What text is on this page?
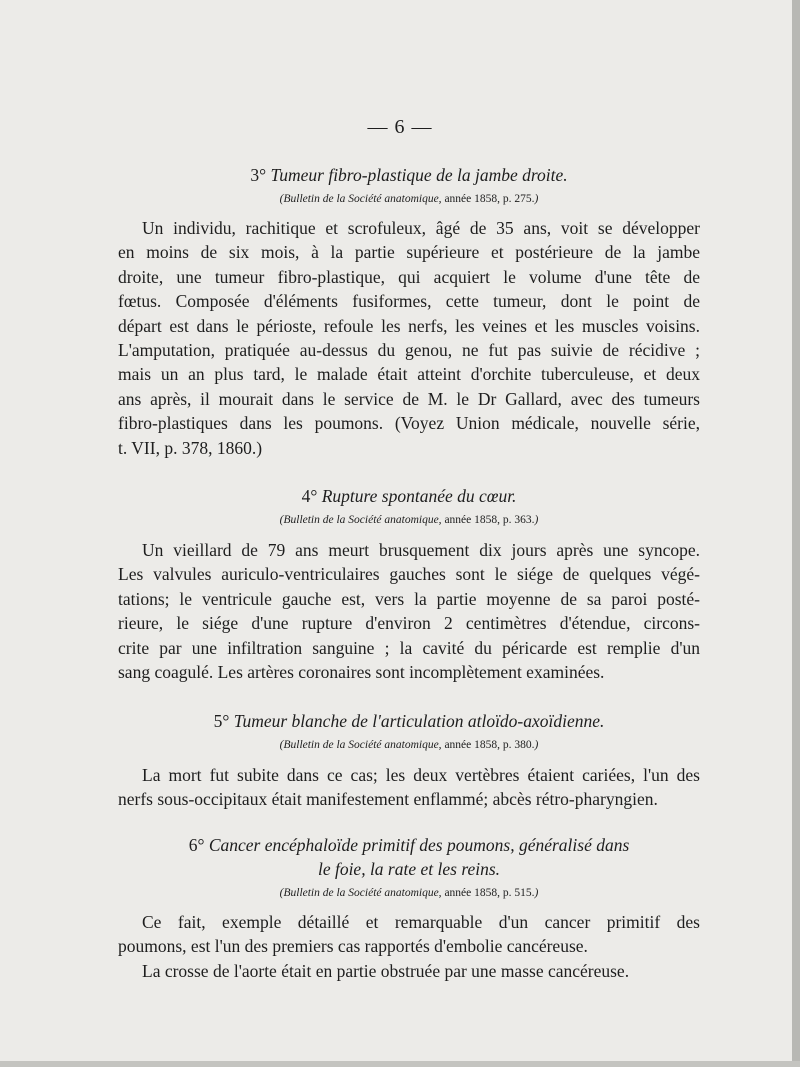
— 6 —

3° Tumeur fibro-plastique de la jambe droite.

(Bulletin de la Société anatomique, année 1858, p. 275.)

Un individu, rachitique et scrofuleux, âgé de 35 ans, voit se développer
en moins de six mois, à la partie supérieure et postérieure de la jambe
droite, une tumeur fibro-plastique, qui acquiert le volume d'une tête de
fœtus. Composée d'éléments fusiformes, cette tumeur, dont le point de
départ est dans le périoste, refoule les nerfs, les veines et les muscles voisins.
L'amputation, pratiquée au-dessus du genou, ne fut pas suivie de récidive ;
mais un an plus tard, le malade était atteint d'orchite tuberculeuse, et deux
ans après, il mourait dans le service de M. le Dr Gallard, avec des tumeurs
fibro-plastiques dans les poumons. (Voyez Union médicale, nouvelle série,
t. VII, p. 378, 1860.)

4° Rupture spontanée du cœur.

(Bulletin de la Société anatomique, année 1858, p. 363.)

Un vieillard de 79 ans meurt brusquement dix jours après une syncope.
Les valvules auriculo-ventriculaires gauches sont le siége de quelques végé-
tations; le ventricule gauche est, vers la partie moyenne de sa paroi posté-
rieure, le siége d'une rupture d'environ 2 centimètres d'étendue, circons-
crite par une infiltration sanguine ; la cavité du péricarde est remplie d'un
sang coagulé. Les artères coronaires sont incomplètement examinées.

5° Tumeur blanche de l'articulation atloïdo-axoïdienne.

(Bulletin de la Société anatomique, année 1858, p. 380.)

La mort fut subite dans ce cas; les deux vertèbres étaient cariées, l'un des
nerfs sous-occipitaux était manifestement enflammé; abcès rétro-pharyngien.

6° Cancer encéphaloïde primitif des poumons, généralisé dans

le foie, la rate et les reins.

(Bulletin de la Société anatomique, année 1858, p. 515.)

Ce fait, exemple détaillé et remarquable d'un cancer primitif des
poumons, est l'un des premiers cas rapportés d'embolie cancéreuse.

La crosse de l'aorte était en partie obstruée par une masse cancéreuse.
